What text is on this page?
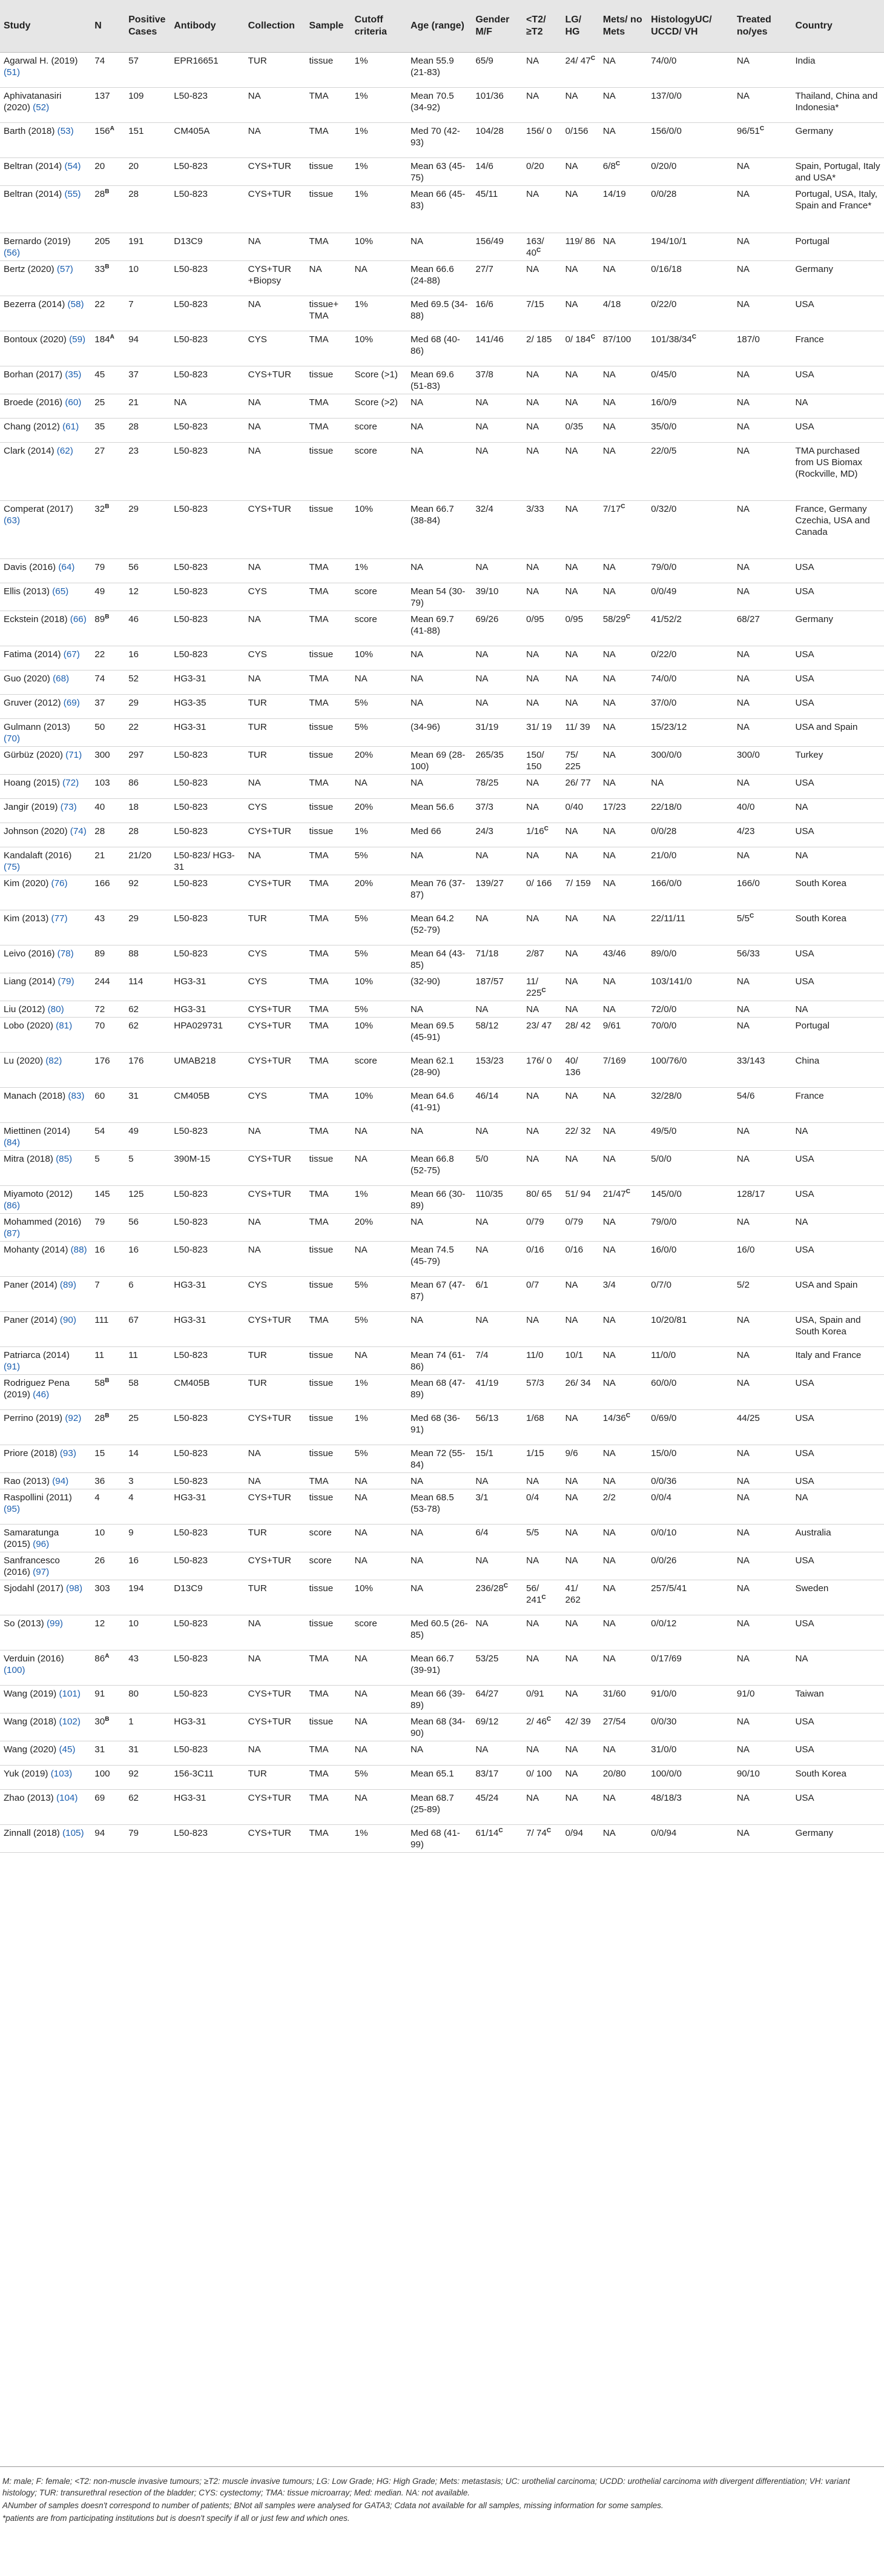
Study	N	Positive Cases	Antibody	Collection	Sample	Cutoff criteria	Age (range)	Gender M/F	<T2/ ≥T2	LG/ HG	Mets/ no Mets	HistologyUC/ UCCD/ VH	Treated no/yes	Country
Agarwal H. (2019) (51)	74	57	EPR16651	TUR	tissue	1%	Mean 55.9 (21-83)	65/9	NA	24/ $47^C$	NA	74/0/0	NA	India
Aphivatanasiri (2020) (52)	137	109	L50-823	NA	TMA	1%	Mean 70.5 (34-92)	101/36	NA	NA	NA	137/0/0	NA	Thailand, China and Indonesia*
Barth (2018) (53)	$156^A$	151	CM405A	NA	TMA	1%	Med 70 (42-93)	104/28	156/ 0	0/156	NA	156/0/0	$96/51^C$	Germany
Beltran (2014) (54)	20	20	L50-823	CYS+TUR	tissue	1%	Mean 63 (45-75)	14/6	0/20	NA	$6/8^C$	0/20/0	NA	Spain, Portugal, Italy and USA*
Beltran (2014) (55)	$28^B$	28	L50-823	CYS+TUR	tissue	1%	Mean 66 (45-83)	45/11	NA	NA	14/19	0/0/28	NA	Portugal, USA, Italy, Spain and France*
Bernardo (2019) (56)	205	191	D13C9	NA	TMA	10%	NA	156/49	163/ $40^C$	119/ 86	NA	194/10/1	NA	Portugal
Bertz (2020) (57)	$33^B$	10	L50-823	CYS+TUR +Biopsy	NA	NA	Mean 66.6 (24-88)	27/7	NA	NA	NA	0/16/18	NA	Germany
Bezerra (2014) (58)	22	7	L50-823	NA	tissue+ TMA	1%	Med 69.5 (34-88)	16/6	7/15	NA	4/18	0/22/0	NA	USA
Bontoux (2020) (59)	$184^A$	94	L50-823	CYS	TMA	10%	Med 68 (40-86)	141/46	2/ 185	0/ $184^C$	87/100	$101/38/34^C$	187/0	France
Borhan (2017) (35)	45	37	L50-823	CYS+TUR	tissue	Score (>1)	Mean 69.6 (51-83)	37/8	NA	NA	NA	0/45/0	NA	USA
Broede (2016) (60)	25	21	NA	NA	TMA	Score (>2)	NA	NA	NA	NA	NA	16/0/9	NA	NA
Chang (2012) (61)	35	28	L50-823	NA	TMA	score	NA	NA	NA	0/35	NA	35/0/0	NA	USA
Clark (2014) (62)	27	23	L50-823	NA	tissue	score	NA	NA	NA	NA	NA	22/0/5	NA	TMA purchased from US Biomax (Rockville, MD)
Comperat (2017) (63)	$32^B$	29	L50-823	CYS+TUR	tissue	10%	Mean 66.7 (38-84)	32/4	3/33	NA	$7/17^C$	0/32/0	NA	France, Germany Czechia, USA and Canada
Davis (2016) (64)	79	56	L50-823	NA	TMA	1%	NA	NA	NA	NA	NA	79/0/0	NA	USA
Ellis (2013) (65)	49	12	L50-823	CYS	TMA	score	Mean 54 (30-79)	39/10	NA	NA	NA	0/0/49	NA	USA
Eckstein (2018) (66)	$89^B$	46	L50-823	NA	TMA	score	Mean 69.7 (41-88)	69/26	0/95	0/95	$58/29^C$	41/52/2	68/27	Germany
Fatima (2014) (67)	22	16	L50-823	CYS	tissue	10%	NA	NA	NA	NA	NA	0/22/0	NA	USA
Guo (2020) (68)	74	52	HG3-31	NA	TMA	NA	NA	NA	NA	NA	NA	74/0/0	NA	USA
Gruver (2012) (69)	37	29	HG3-35	TUR	TMA	5%	NA	NA	NA	NA	NA	37/0/0	NA	USA
Gulmann (2013) (70)	50	22	HG3-31	TUR	tissue	5%	(34-96)	31/19	31/ 19	11/ 39	NA	15/23/12	NA	USA and Spain
Gürbüz (2020) (71)	300	297	L50-823	TUR	tissue	20%	Mean 69 (28-100)	265/35	150/ 150	75/ 225	NA	300/0/0	300/0	Turkey
Hoang (2015) (72)	103	86	L50-823	NA	TMA	NA	NA	78/25	NA	26/ 77	NA	NA	NA	USA
Jangir (2019) (73)	40	18	L50-823	CYS	tissue	20%	Mean 56.6	37/3	NA	0/40	17/23	22/18/0	40/0	NA
Johnson (2020) (74)	28	28	L50-823	CYS+TUR	tissue	1%	Med 66	24/3	$1/16^C$	NA	NA	0/0/28	4/23	USA
Kandalaft (2016) (75)	21	21/20	L50-823/ HG3-31	NA	TMA	5%	NA	NA	NA	NA	NA	21/0/0	NA	NA
Kim (2020) (76)	166	92	L50-823	CYS+TUR	TMA	20%	Mean 76 (37-87)	139/27	0/ 166	7/ 159	NA	166/0/0	166/0	South Korea
Kim (2013) (77)	43	29	L50-823	TUR	TMA	5%	Mean 64.2 (52-79)	NA	NA	NA	NA	22/11/11	$5/5^C$	South Korea
Leivo (2016) (78)	89	88	L50-823	CYS	TMA	5%	Mean 64 (43-85)	71/18	2/87	NA	43/46	89/0/0	56/33	USA
Liang (2014) (79)	244	114	HG3-31	CYS	TMA	10%	(32-90)	187/57	11/ $225^C$	NA	NA	103/141/0	NA	USA
Liu (2012) (80)	72	62	HG3-31	CYS+TUR	TMA	5%	NA	NA	NA	NA	NA	72/0/0	NA	NA
Lobo (2020) (81)	70	62	HPA029731	CYS+TUR	TMA	10%	Mean 69.5 (45-91)	58/12	23/ 47	28/ 42	9/61	70/0/0	NA	Portugal
Lu (2020) (82)	176	176	UMAB218	CYS+TUR	TMA	score	Mean 62.1 (28-90)	153/23	176/ 0	40/ 136	7/169	100/76/0	33/143	China
Manach (2018) (83)	60	31	CM405B	CYS	TMA	10%	Mean 64.6 (41-91)	46/14	NA	NA	NA	32/28/0	54/6	France
Miettinen (2014) (84)	54	49	L50-823	NA	TMA	NA	NA	NA	NA	22/ 32	NA	49/5/0	NA	NA
Mitra (2018) (85)	5	5	390M-15	CYS+TUR	tissue	NA	Mean 66.8 (52-75)	5/0	NA	NA	NA	5/0/0	NA	USA
Miyamoto (2012) (86)	145	125	L50-823	CYS+TUR	TMA	1%	Mean 66 (30-89)	110/35	80/ 65	51/ 94	$21/47^C$	145/0/0	128/17	USA
Mohammed (2016) (87)	79	56	L50-823	NA	TMA	20%	NA	NA	0/79	0/79	NA	79/0/0	NA	NA
Mohanty (2014) (88)	16	16	L50-823	NA	tissue	NA	Mean 74.5 (45-79)	NA	0/16	0/16	NA	16/0/0	16/0	USA
Paner (2014) (89)	7	6	HG3-31	CYS	tissue	5%	Mean 67 (47-87)	6/1	0/7	NA	3/4	0/7/0	5/2	USA and Spain
Paner (2014) (90)	111	67	HG3-31	CYS+TUR	TMA	5%	NA	NA	NA	NA	NA	10/20/81	NA	USA, Spain and South Korea
Patriarca (2014) (91)	11	11	L50-823	TUR	tissue	NA	Mean 74 (61-86)	7/4	11/0	10/1	NA	11/0/0	NA	Italy and France
Rodriguez Pena (2019) (46)	$58^B$	58	CM405B	TUR	tissue	1%	Mean 68 (47-89)	41/19	57/3	26/ 34	NA	60/0/0	NA	USA
Perrino (2019) (92)	$28^B$	25	L50-823	CYS+TUR	tissue	1%	Med 68 (36-91)	56/13	1/68	NA	$14/36^C$	0/69/0	44/25	USA
Priore (2018) (93)	15	14	L50-823	NA	tissue	5%	Mean 72 (55-84)	15/1	1/15	9/6	NA	15/0/0	NA	USA
Rao (2013) (94)	36	3	L50-823	NA	TMA	NA	NA	NA	NA	NA	NA	0/0/36	NA	USA
Raspollini (2011) (95)	4	4	HG3-31	CYS+TUR	tissue	NA	Mean 68.5 (53-78)	3/1	0/4	NA	2/2	0/0/4	NA	NA
Samaratunga (2015) (96)	10	9	L50-823	TUR	score	NA	NA	6/4	5/5	NA	NA	0/0/10	NA	Australia
Sanfrancesco (2016) (97)	26	16	L50-823	CYS+TUR	score	NA	NA	NA	NA	NA	NA	0/0/26	NA	USA
Sjodahl (2017) (98)	303	194	D13C9	TUR	tissue	10%	NA	$236/28^C$	56/ $241^C$	41/ 262	NA	257/5/41	NA	Sweden
So (2013) (99)	12	10	L50-823	NA	tissue	score	Med 60.5 (26-85)	NA	NA	NA	NA	0/0/12	NA	USA
Verduin (2016) (100)	$86^A$	43	L50-823	NA	TMA	NA	Mean 66.7 (39-91)	53/25	NA	NA	NA	0/17/69	NA	NA
Wang (2019) (101)	91	80	L50-823	CYS+TUR	TMA	NA	Mean 66 (39-89)	64/27	0/91	NA	31/60	91/0/0	91/0	Taiwan
Wang (2018) (102)	$30^B$	1	HG3-31	CYS+TUR	tissue	NA	Mean 68 (34-90)	69/12	2/ $46^C$	42/ 39	27/54	0/0/30	NA	USA
Wang (2020) (45)	31	31	L50-823	NA	TMA	NA	NA	NA	NA	NA	NA	31/0/0	NA	USA
Yuk (2019) (103)	100	92	156-3C11	TUR	TMA	5%	Mean 65.1	83/17	0/ 100	NA	20/80	100/0/0	90/10	South Korea
Zhao (2013) (104)	69	62	HG3-31	CYS+TUR	TMA	NA	Mean 68.7 (25-89)	45/24	NA	NA	NA	48/18/3	NA	USA
Zinnall (2018) (105)	94	79	L50-823	CYS+TUR	TMA	1%	Med 68 (41-99)	$61/14^C$	7/ $74^C$	0/94	NA	0/0/94	NA	Germany

M: male; F: female; <T2: non-muscle invasive tumours; ≥T2: muscle invasive tumours; LG: Low Grade; HG: High Grade; Mets: metastasis; UC: urothelial carcinoma; UCDD: urothelial carcinoma with divergent differentiation; VH: variant histology; TUR: transurethral resection of the bladder; CYS: cystectomy; TMA: tissue microarray; Med: median. NA: not available.

ANumber of samples doesn't correspond to number of patients; BNot all samples were analysed for GATA3; Cdata not available for all samples, missing information for some samples.

*patients are from participating institutions but is doesn't specify if all or just few and which ones.
